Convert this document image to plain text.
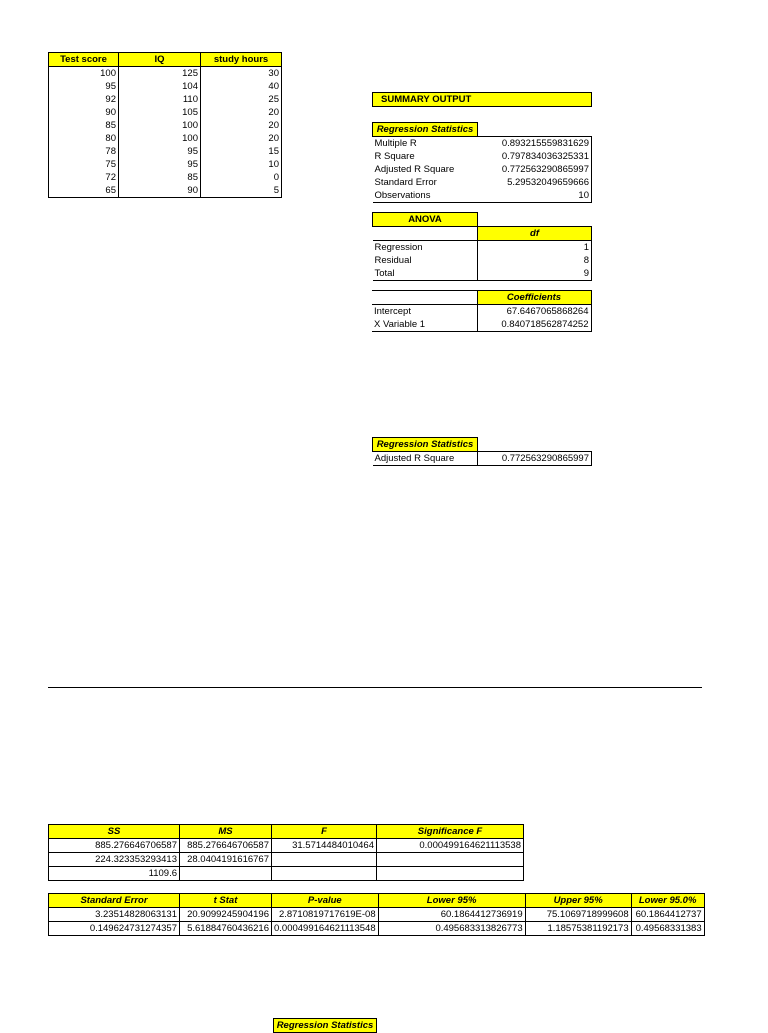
Test score	IQ	study hours
100	125	30
95	104	40
92	110	25
90	105	20
85	100	20
80	100	20
78	95	15
75	95	10
72	85	0
65	90	5
SUMMARY OUTPUT
Regression Statistics	
Multiple R	0.893215559831629
R Square	0.797834036325331
Adjusted R Square	0.772563290865997
Standard Error	5.29532049659666
Observations	10
ANOVA	
	df
Regression	1
Residual	8
Total	9
	Coefficients
Intercept	67.6467065868264
X Variable 1	0.840718562874252
Regression Statistics	
Adjusted R Square	0.772563290865997
SS	MS	F	Significance F
885.276646706587	885.276646706587	31.5714484010464	0.000499164621113538
224.323353293413	28.0404191616767		
1109.6			
Standard Error	t Stat	P-value	Lower 95%	Upper 95%	Lower 95.0%
3.23514828063131	20.9099245904196	2.8710819717619E-08	60.1864412736919	75.1069718999608	60.1864412737
0.149624731274357	5.61884760436216	0.000499164621113548	0.495683313826773	1.18575381192173	0.49568331383
Regression Statistics
